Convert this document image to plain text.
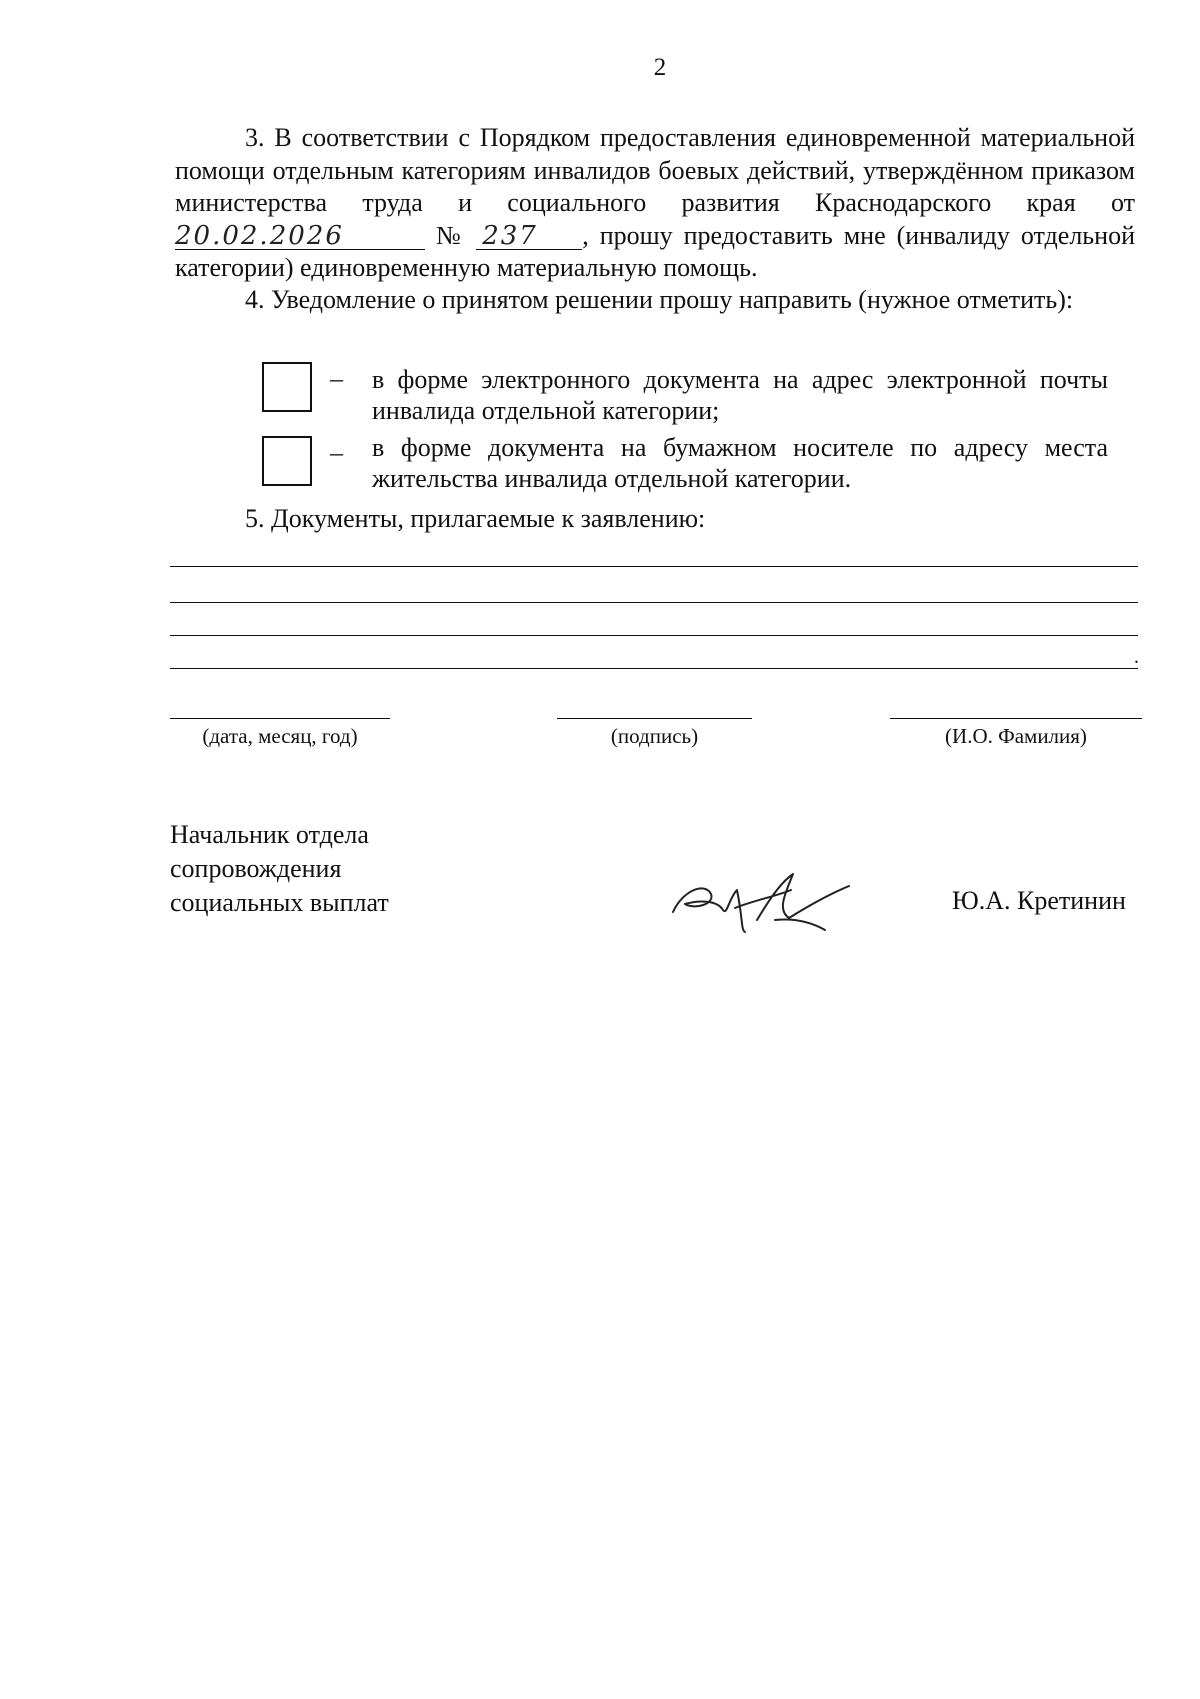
2
3. В соответствии с Порядком предоставления единовременной материальной помощи отдельным категориям инвалидов боевых действий, утверждённом приказом министерства труда и социального развития Краснодарского края от 20.02.2026	№ 237 , прошу предоставить мне (инвалиду отдельной категории) единовременную материальную помощь.
4. Уведомление о принятом решении прошу направить (нужное отметить):
– в форме электронного документа на адрес электронной почты инвалида отдельной категории;
– в форме документа на бумажном носителе по адресу места жительства инвалида отдельной категории.
5. Документы, прилагаемые к заявлению:
.
(дата, месяц, год)	(подпись)	(И.О. Фамилия)
Начальник отдела
сопровождения
социальных выплат	Ю.А. Кретинин
